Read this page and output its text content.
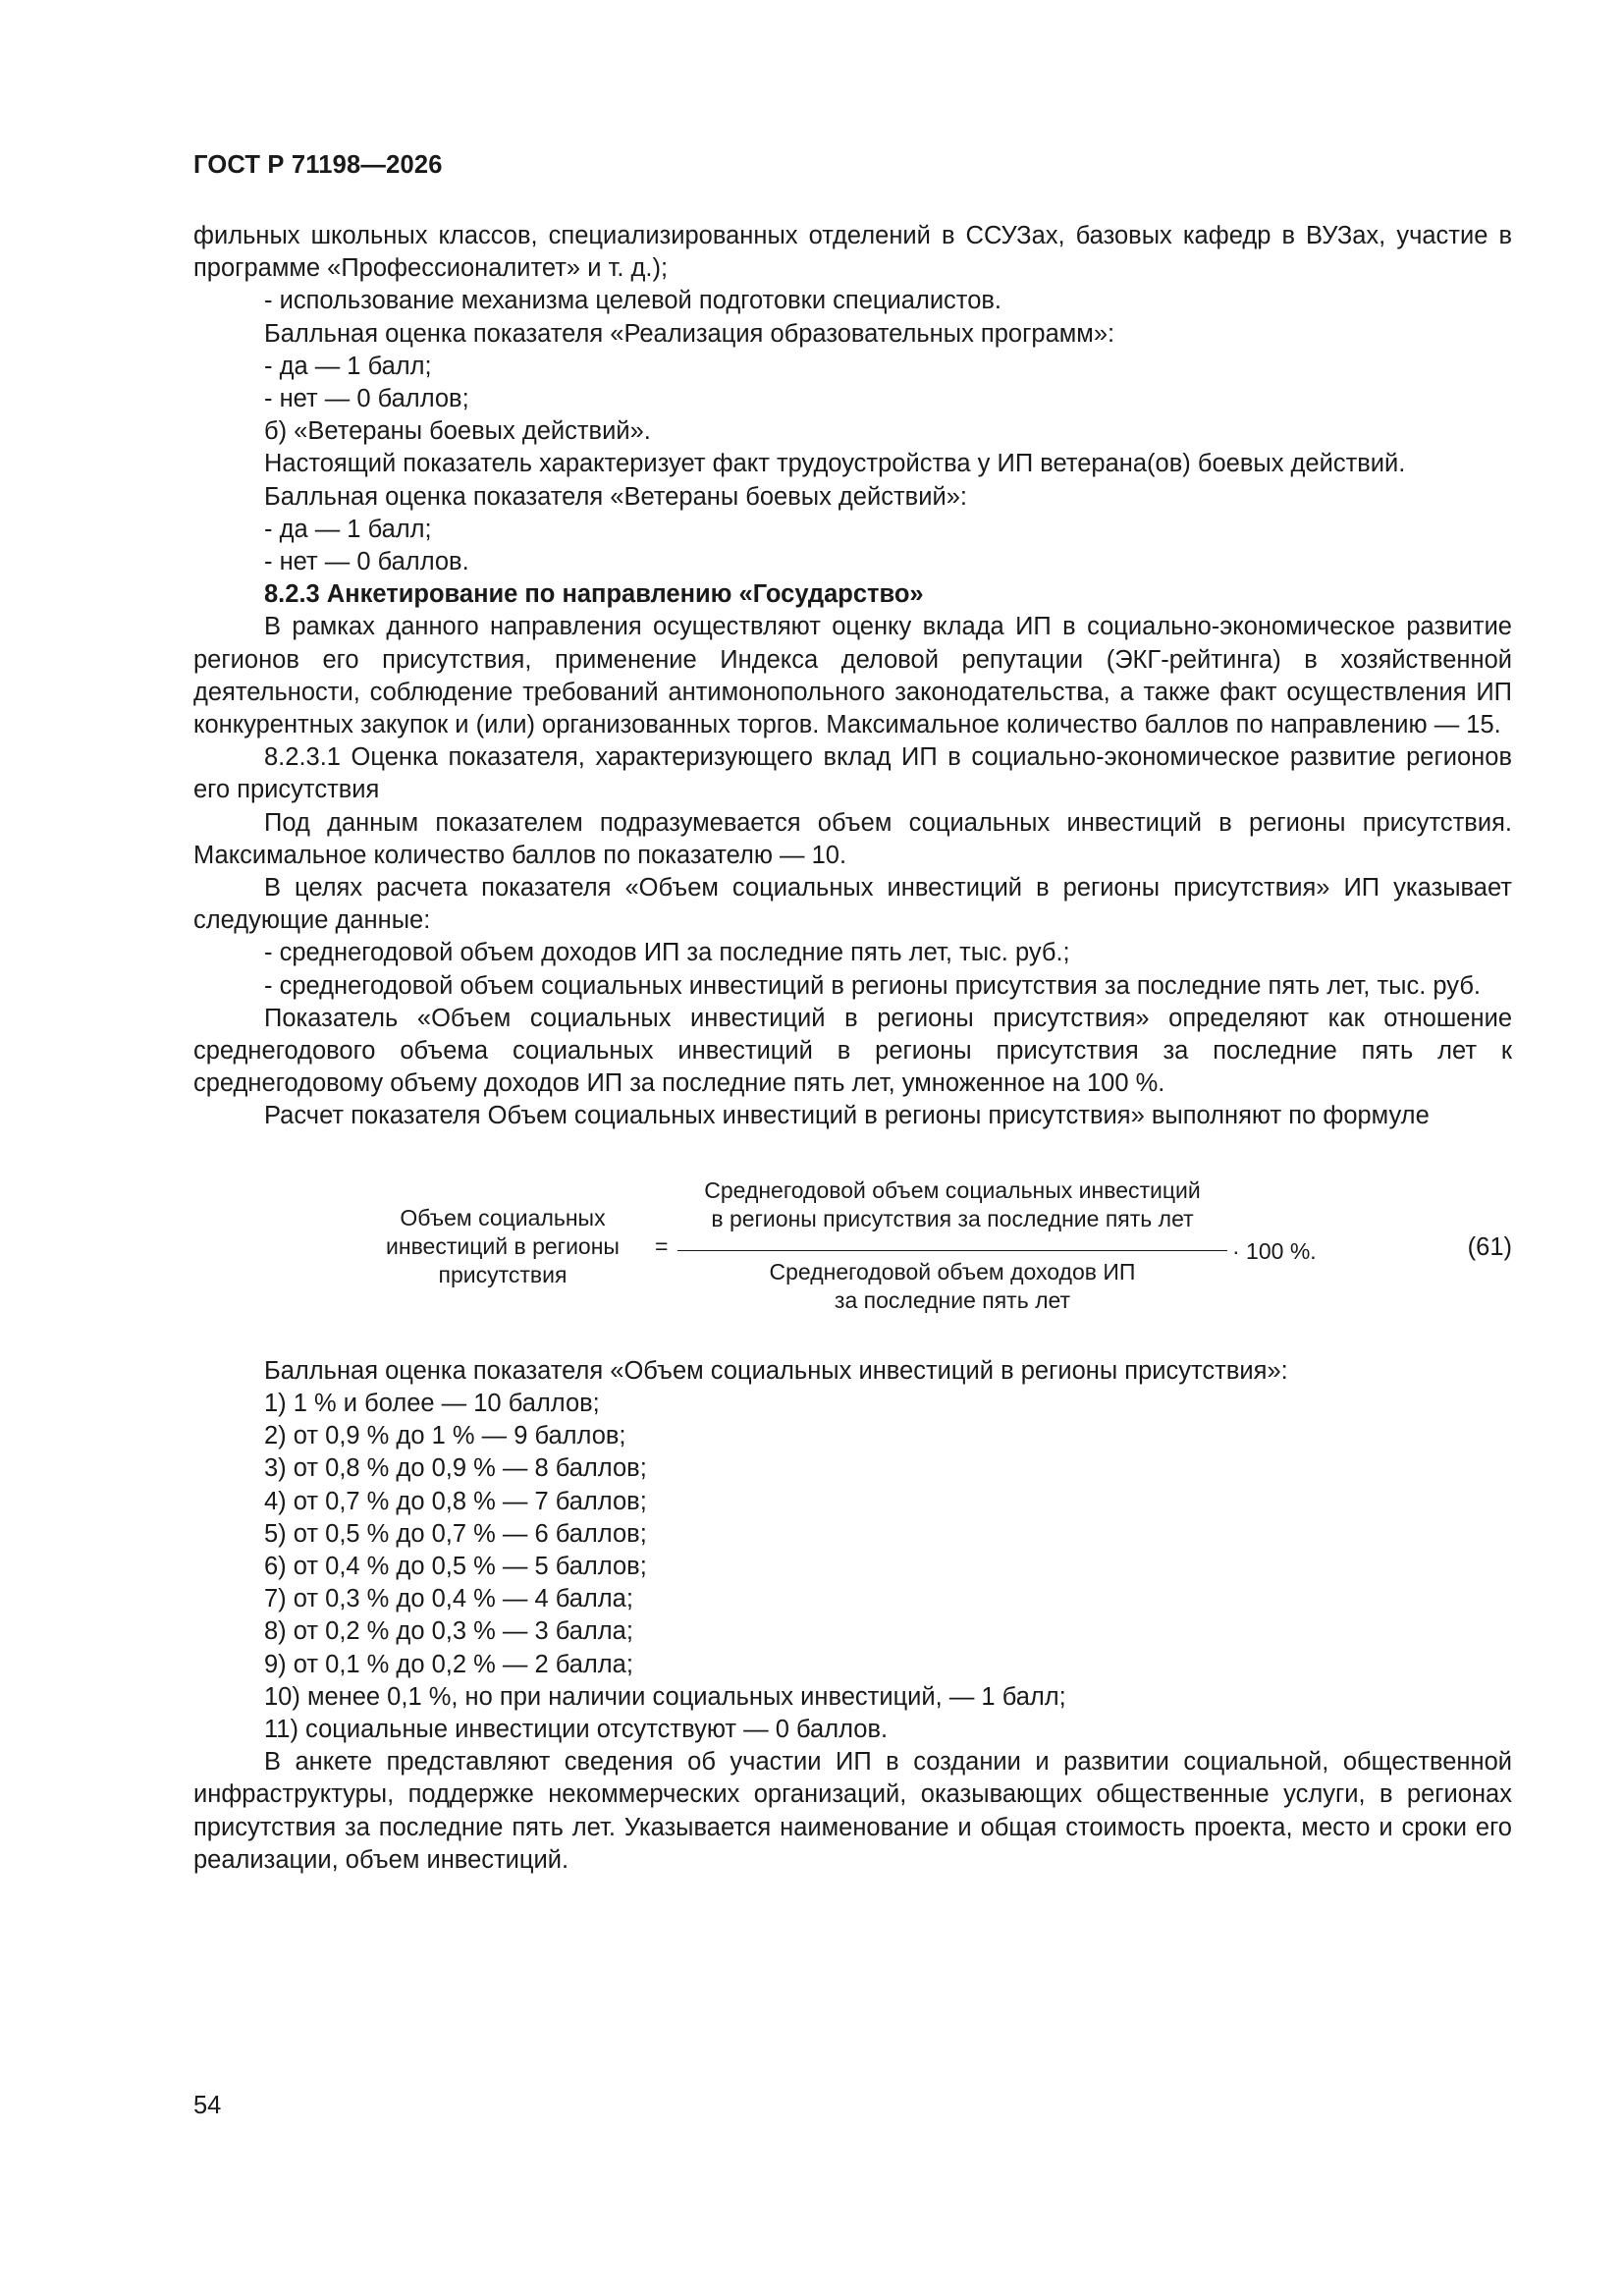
ГОСТ Р 71198—2026

фильных школьных классов, специализированных отделений в ССУЗах, базовых кафедр в ВУЗах, участие в программе «Профессионалитет» и т. д.);

- использование механизма целевой подготовки специалистов.

Балльная оценка показателя «Реализация образовательных программ»:

- да — 1 балл;

- нет — 0 баллов;

б) «Ветераны боевых действий».

Настоящий показатель характеризует факт трудоустройства у ИП ветерана(ов) боевых действий.

Балльная оценка показателя «Ветераны боевых действий»:

- да — 1 балл;

- нет — 0 баллов.

8.2.3 Анкетирование по направлению «Государство»

В рамках данного направления осуществляют оценку вклада ИП в социально-экономическое развитие регионов его присутствия, применение Индекса деловой репутации (ЭКГ-рейтинга) в хозяйственной деятельности, соблюдение требований антимонопольного законодательства, а также факт осуществления ИП конкурентных закупок и (или) организованных торгов. Максимальное количество баллов по направлению — 15.

8.2.3.1 Оценка показателя, характеризующего вклад ИП в социально-экономическое развитие регионов его присутствия

Под данным показателем подразумевается объем социальных инвестиций в регионы присутствия. Максимальное количество баллов по показателю — 10.

В целях расчета показателя «Объем социальных инвестиций в регионы присутствия» ИП указывает следующие данные:

- среднегодовой объем доходов ИП за последние пять лет, тыс. руб.;

- среднегодовой объем социальных инвестиций в регионы присутствия за последние пять лет, тыс. руб.

Показатель «Объем социальных инвестиций в регионы присутствия» определяют как отношение среднегодового объема социальных инвестиций в регионы присутствия за последние пять лет к среднегодовому объему доходов ИП за последние пять лет, умноженное на 100 %.

Расчет показателя Объем социальных инвестиций в регионы присутствия» выполняют по формуле

Объем социальных
инвестиций в регионы
присутствия
=
Среднегодовой объем социальных инвестиций
в регионы присутствия за последние пять лет
Среднегодовой объем доходов ИП
за последние пять лет
· 100 %.	(61)

Балльная оценка показателя «Объем социальных инвестиций в регионы присутствия»:

1) 1 % и более — 10 баллов;

2) от 0,9 % до 1 % — 9 баллов;

3) от 0,8 % до 0,9 % — 8 баллов;

4) от 0,7 % до 0,8 % — 7 баллов;

5) от 0,5 % до 0,7 % — 6 баллов;

6) от 0,4 % до 0,5 % — 5 баллов;

7) от 0,3 % до 0,4 % — 4 балла;

8) от 0,2 % до 0,3 % — 3 балла;

9) от 0,1 % до 0,2 % — 2 балла;

10) менее 0,1 %, но при наличии социальных инвестиций, — 1 балл;

11) социальные инвестиции отсутствуют — 0 баллов.

В анкете представляют сведения об участии ИП в создании и развитии социальной, общественной инфраструктуры, поддержке некоммерческих организаций, оказывающих общественные услуги, в регионах присутствия за последние пять лет. Указывается наименование и общая стоимость проекта, место и сроки его реализации, объем инвестиций.

54
